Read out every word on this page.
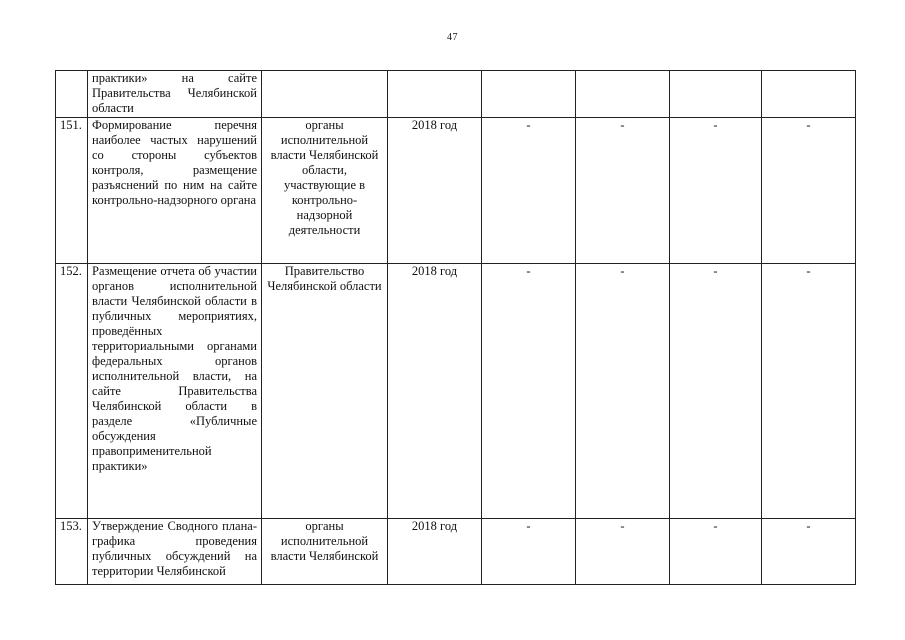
47
	практики» на сайте Правительства Челябинской области						
151.	Формирование перечня наиболее частых нарушений со стороны субъектов контроля, размещение разъяснений по ним на сайте контрольно-надзорного органа	органы исполнительной власти Челябинской области, участвующие в контрольно-надзорной деятельности	2018 год	-	-	-	-
152.	Размещение отчета об участии органов исполнительной власти Челябинской области в публичных мероприятиях, проведённых территориальными органами федеральных органов исполнительной власти, на сайте Правительства Челябинской области в разделе «Публичные обсуждения правоприменительной практики»	Правительство Челябинской области	2018 год	-	-	-	-
153.	Утверждение Сводного плана-графика проведения публичных обсуждений на территории Челябинской	органы исполнительной власти Челябинской	2018 год	-	-	-	-
